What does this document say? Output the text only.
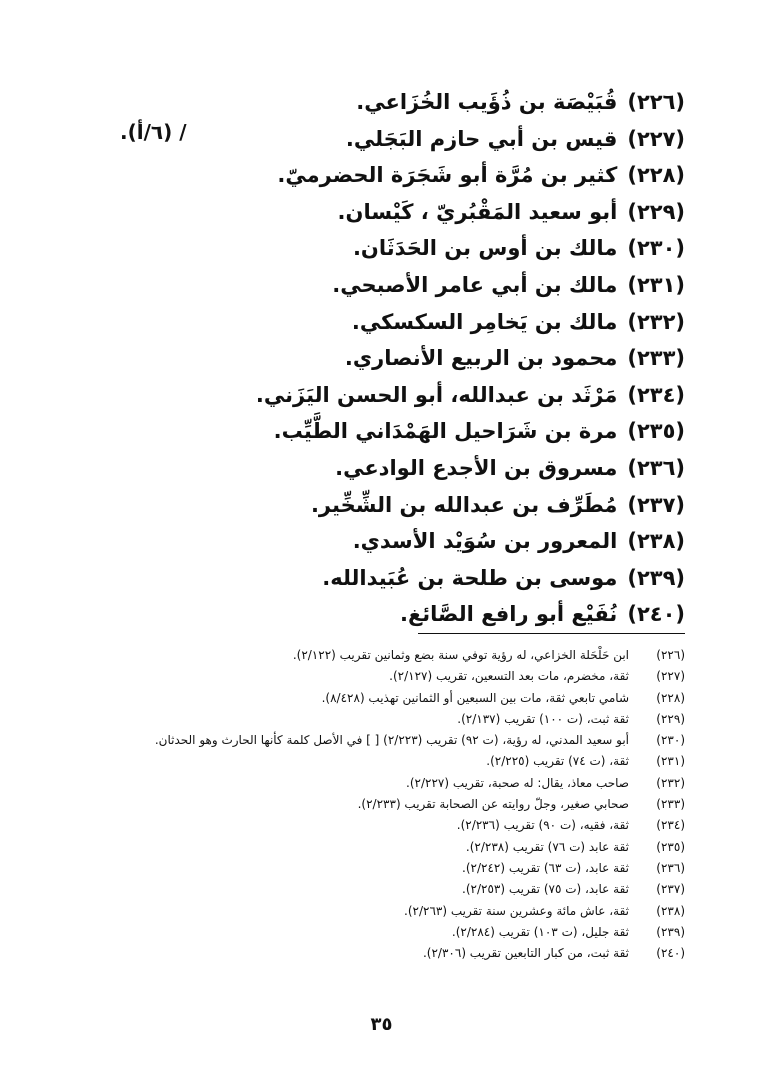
/ (٦/أ).
(٢٢٦)قُبَيْصَة بن ذُؤَيب الخُزَاعي.
(٢٢٧)قيس بن أبي حازم البَجَلي.
(٢٢٨)كثير بن مُرَّة أبو شَجَرَة الحضرميّ.
(٢٢٩)أبو سعيد المَقْبُريّ ، كَيْسان.
(٢٣٠)مالك بن أوس بن الحَدَثَان.
(٢٣١)مالك بن أبي عامر الأصبحي.
(٢٣٢)مالك بن يَخامِر السكسكي.
(٢٣٣)محمود بن الربيع الأنصاري.
(٢٣٤)مَرْثَد بن عبدالله، أبو الحسن اليَزَني.
(٢٣٥)مرة بن شَرَاحيل الهَمْدَاني الطَّيِّب.
(٢٣٦)مسروق بن الأجدع الوادعي.
(٢٣٧)مُطَرِّف بن عبدالله بن الشِّخِّير.
(٢٣٨)المعرور بن سُوَيْد الأسدي.
(٢٣٩)موسى بن طلحة بن عُبَيدالله.
(٢٤٠)نُفَيْع أبو رافع الصَّائغ.
(٢٢٦)
ابن حَلْحَلة الخزاعي، له رؤية توفي سنة بضع وثمانين تقريب (٢/١٢٢).
(٢٢٧)
ثقة، مخضرم، مات بعد التسعين، تقريب (٢/١٢٧).
(٢٢٨)
شامي تابعي ثقة، مات بين السبعين أو الثمانين تهذيب (٨/٤٢٨).
(٢٢٩)
ثقة ثبت، (ت ١٠٠) تقريب (٢/١٣٧).
(٢٣٠)
أبو سعيد المدني، له رؤية، (ت ٩٢) تقريب (٢/٢٢٣) [ ] في الأصل كلمة كأنها الحارث وهو الحدثان.
(٢٣١)
ثقة، (ت ٧٤) تقريب (٢/٢٢٥).
(٢٣٢)
صاحب معاذ، يقال: له صحبة، تقريب (٢/٢٢٧).
(٢٣٣)
صحابي صغير، وجلّ روايته عن الصحابة تقريب (٢/٢٣٣).
(٢٣٤)
ثقة، فقيه، (ت ٩٠) تقريب (٢/٢٣٦).
(٢٣٥)
ثقة عابد (ت ٧٦) تقريب (٢/٢٣٨).
(٢٣٦)
ثقة عابد، (ت ٦٣) تقريب (٢/٢٤٢).
(٢٣٧)
ثقة عابد، (ت ٧٥) تقريب (٢/٢٥٣).
(٢٣٨)
ثقة، عاش مائة وعشرين سنة تقريب (٢/٢٦٣).
(٢٣٩)
ثقة جليل، (ت ١٠٣) تقريب (٢/٢٨٤).
(٢٤٠)
ثقة ثبت، من كبار التابعين تقريب (٢/٣٠٦).
٣٥
